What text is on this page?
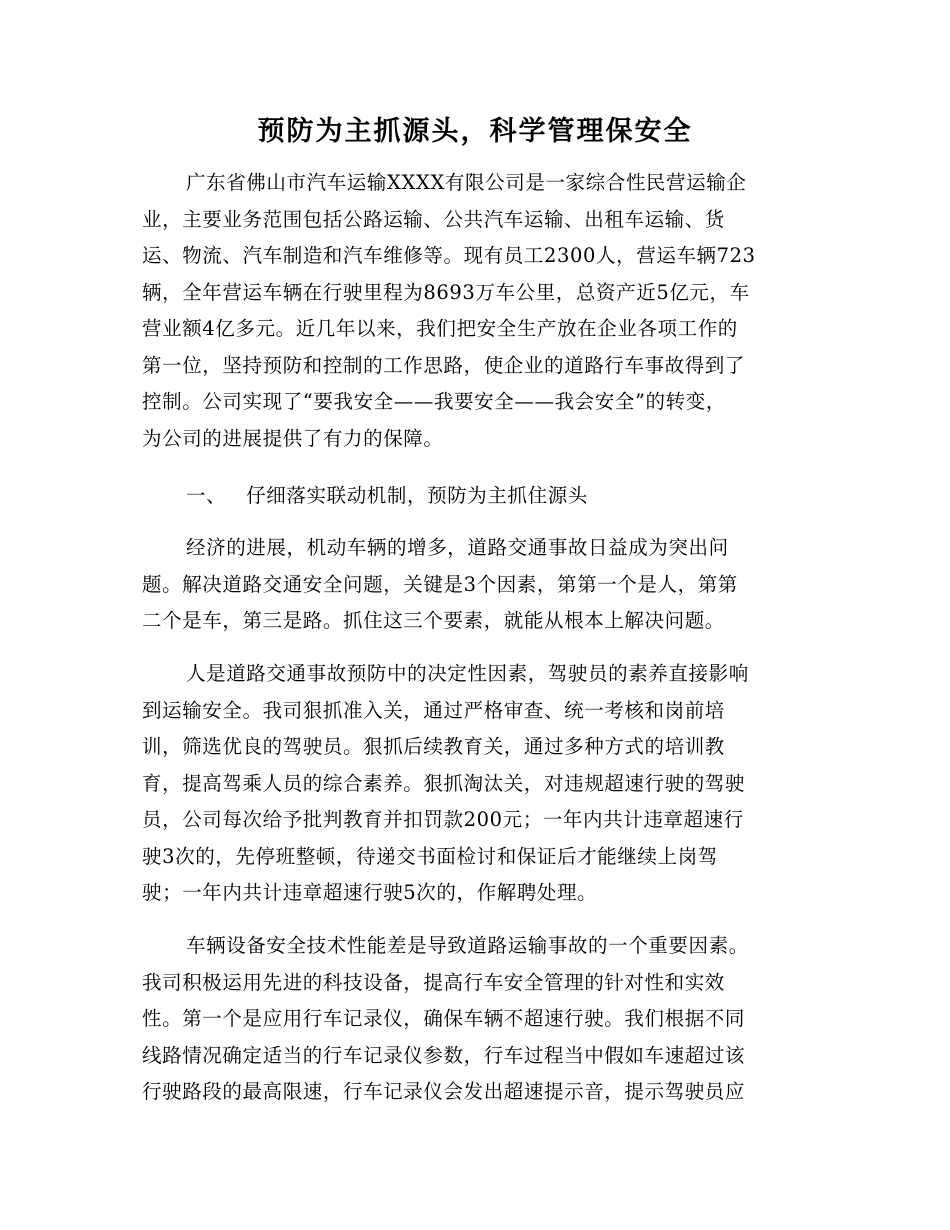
预防为主抓源头，科学管理保安全
广东省佛山市汽车运输XXXX有限公司是一家综合性民营运输企
业，主要业务范围包括公路运输、公共汽车运输、出租车运输、货
运、物流、汽车制造和汽车维修等。现有员工2300人，营运车辆723
辆，全年营运车辆在行驶里程为8693万车公里，总资产近5亿元，车
营业额4亿多元。近几年以来，我们把安全生产放在企业各项工作的
第一位，坚持预防和控制的工作思路，使企业的道路行车事故得到了
控制。公司实现了“要我安全——我要安全——我会安全”的转变，
为公司的进展提供了有力的保障。
一、 仔细落实联动机制，预防为主抓住源头
经济的进展，机动车辆的增多，道路交通事故日益成为突出问
题。解决道路交通安全问题，关键是3个因素，第第一个是人，第第
二个是车，第三是路。抓住这三个要素，就能从根本上解决问题。
人是道路交通事故预防中的决定性因素，驾驶员的素养直接影响
到运输安全。我司狠抓准入关，通过严格审查、统一考核和岗前培
训，筛选优良的驾驶员。狠抓后续教育关，通过多种方式的培训教
育，提高驾乘人员的综合素养。狠抓淘汰关，对违规超速行驶的驾驶
员，公司每次给予批判教育并扣罚款200元；一年内共计违章超速行
驶3次的，先停班整顿，待递交书面检讨和保证后才能继续上岗驾
驶；一年内共计违章超速行驶5次的，作解聘处理。
车辆设备安全技术性能差是导致道路运输事故的一个重要因素。
我司积极运用先进的科技设备，提高行车安全管理的针对性和实效
性。第一个是应用行车记录仪，确保车辆不超速行驶。我们根据不同
线路情况确定适当的行车记录仪参数，行车过程当中假如车速超过该
行驶路段的最高限速，行车记录仪会发出超速提示音，提示驾驶员应
